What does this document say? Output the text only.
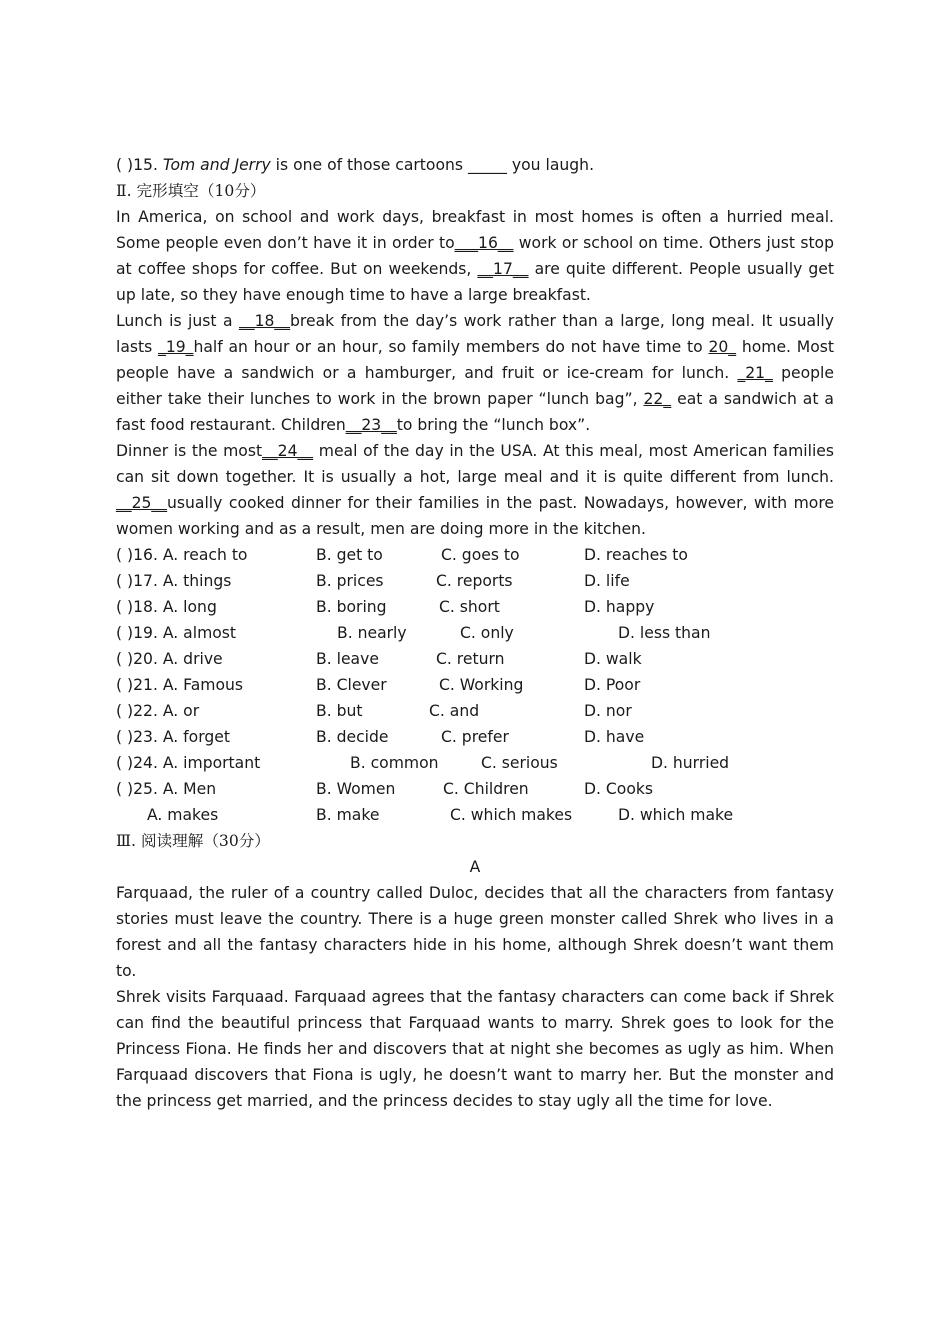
( )15. Tom and Jerry is one of those cartoons _____ you laugh.
Ⅱ. 完形填空（10分）
In America, on school and work days, breakfast in most homes is often a hurried meal. Some people even don’t have it in order to___16__ work or school on time. Others just stop at coffee shops for coffee. But on weekends, __17__ are quite different. People usually get up late, so they have enough time to have a large breakfast.
Lunch is just a __18__break from the day’s work rather than a large, long meal. It usually lasts _19_half an hour or an hour, so family members do not have time to 20_ home. Most people have a sandwich or a hamburger, and fruit or ice-cream for lunch. _21_ people either take their lunches to work in the brown paper “lunch bag”, 22_ eat a sandwich at a fast food restaurant. Children__23__to bring the “lunch box”.
Dinner is the most__24__ meal of the day in the USA. At this meal, most American families can sit down together. It is usually a hot, large meal and it is quite different from lunch. __25__usually cooked dinner for their families in the past. Nowadays, however, with more women working and as a result, men are doing more in the kitchen.
( )16. A. reach to	B. get to	C. goes to	D. reaches to
( )17. A. things	B. prices	C. reports	D. life
( )18. A. long	B. boring	C. short	D. happy
( )19. A. almost	B. nearly	C. only	D. less than
( )20. A. drive	B. leave	C. return	D. walk
( )21. A. Famous	B. Clever	C. Working	D. Poor
( )22. A. or	B. but	C. and	D. nor
( )23. A. forget	B. decide	C. prefer	D. have
( )24. A. important	B. common	C. serious	D. hurried
( )25. A. Men	B. Women	C. Children	D. Cooks
A. makes	B. make	C. which makes	D. which make
Ⅲ. 阅读理解（30分）
A
Farquaad, the ruler of a country called Duloc, decides that all the characters from fantasy stories must leave the country. There is a huge green monster called Shrek who lives in a forest and all the fantasy characters hide in his home, although Shrek doesn’t want them to.
Shrek visits Farquaad. Farquaad agrees that the fantasy characters can come back if Shrek can find the beautiful princess that Farquaad wants to marry. Shrek goes to look for the Princess Fiona. He finds her and discovers that at night she becomes as ugly as him. When Farquaad discovers that Fiona is ugly, he doesn’t want to marry her. But the monster and the princess get married, and the princess decides to stay ugly all the time for love.
